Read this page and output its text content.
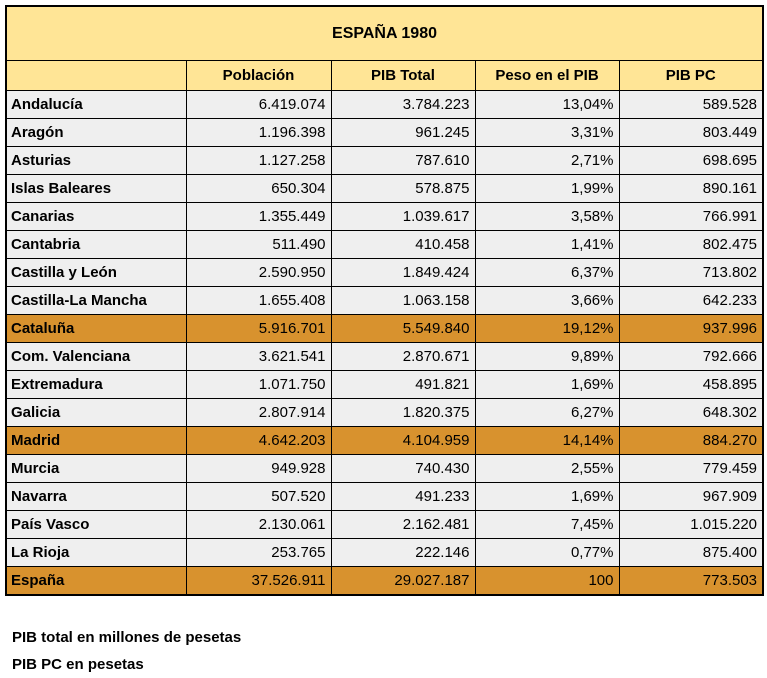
ESPAÑA 1980				
	Población	PIB Total	Peso en el PIB	PIB PC
Andalucía	6.419.074	3.784.223	13,04%	589.528
Aragón	1.196.398	961.245	3,31%	803.449
Asturias	1.127.258	787.610	2,71%	698.695
Islas Baleares	650.304	578.875	1,99%	890.161
Canarias	1.355.449	1.039.617	3,58%	766.991
Cantabria	511.490	410.458	1,41%	802.475
Castilla y León	2.590.950	1.849.424	6,37%	713.802
Castilla-La Mancha	1.655.408	1.063.158	3,66%	642.233
Cataluña	5.916.701	5.549.840	19,12%	937.996
Com. Valenciana	3.621.541	2.870.671	9,89%	792.666
Extremadura	1.071.750	491.821	1,69%	458.895
Galicia	2.807.914	1.820.375	6,27%	648.302
Madrid	4.642.203	4.104.959	14,14%	884.270
Murcia	949.928	740.430	2,55%	779.459
Navarra	507.520	491.233	1,69%	967.909
País Vasco	2.130.061	2.162.481	7,45%	1.015.220
La Rioja	253.765	222.146	0,77%	875.400
España	37.526.911	29.027.187	100	773.503
PIB total en millones de pesetas
PIB PC en pesetas
